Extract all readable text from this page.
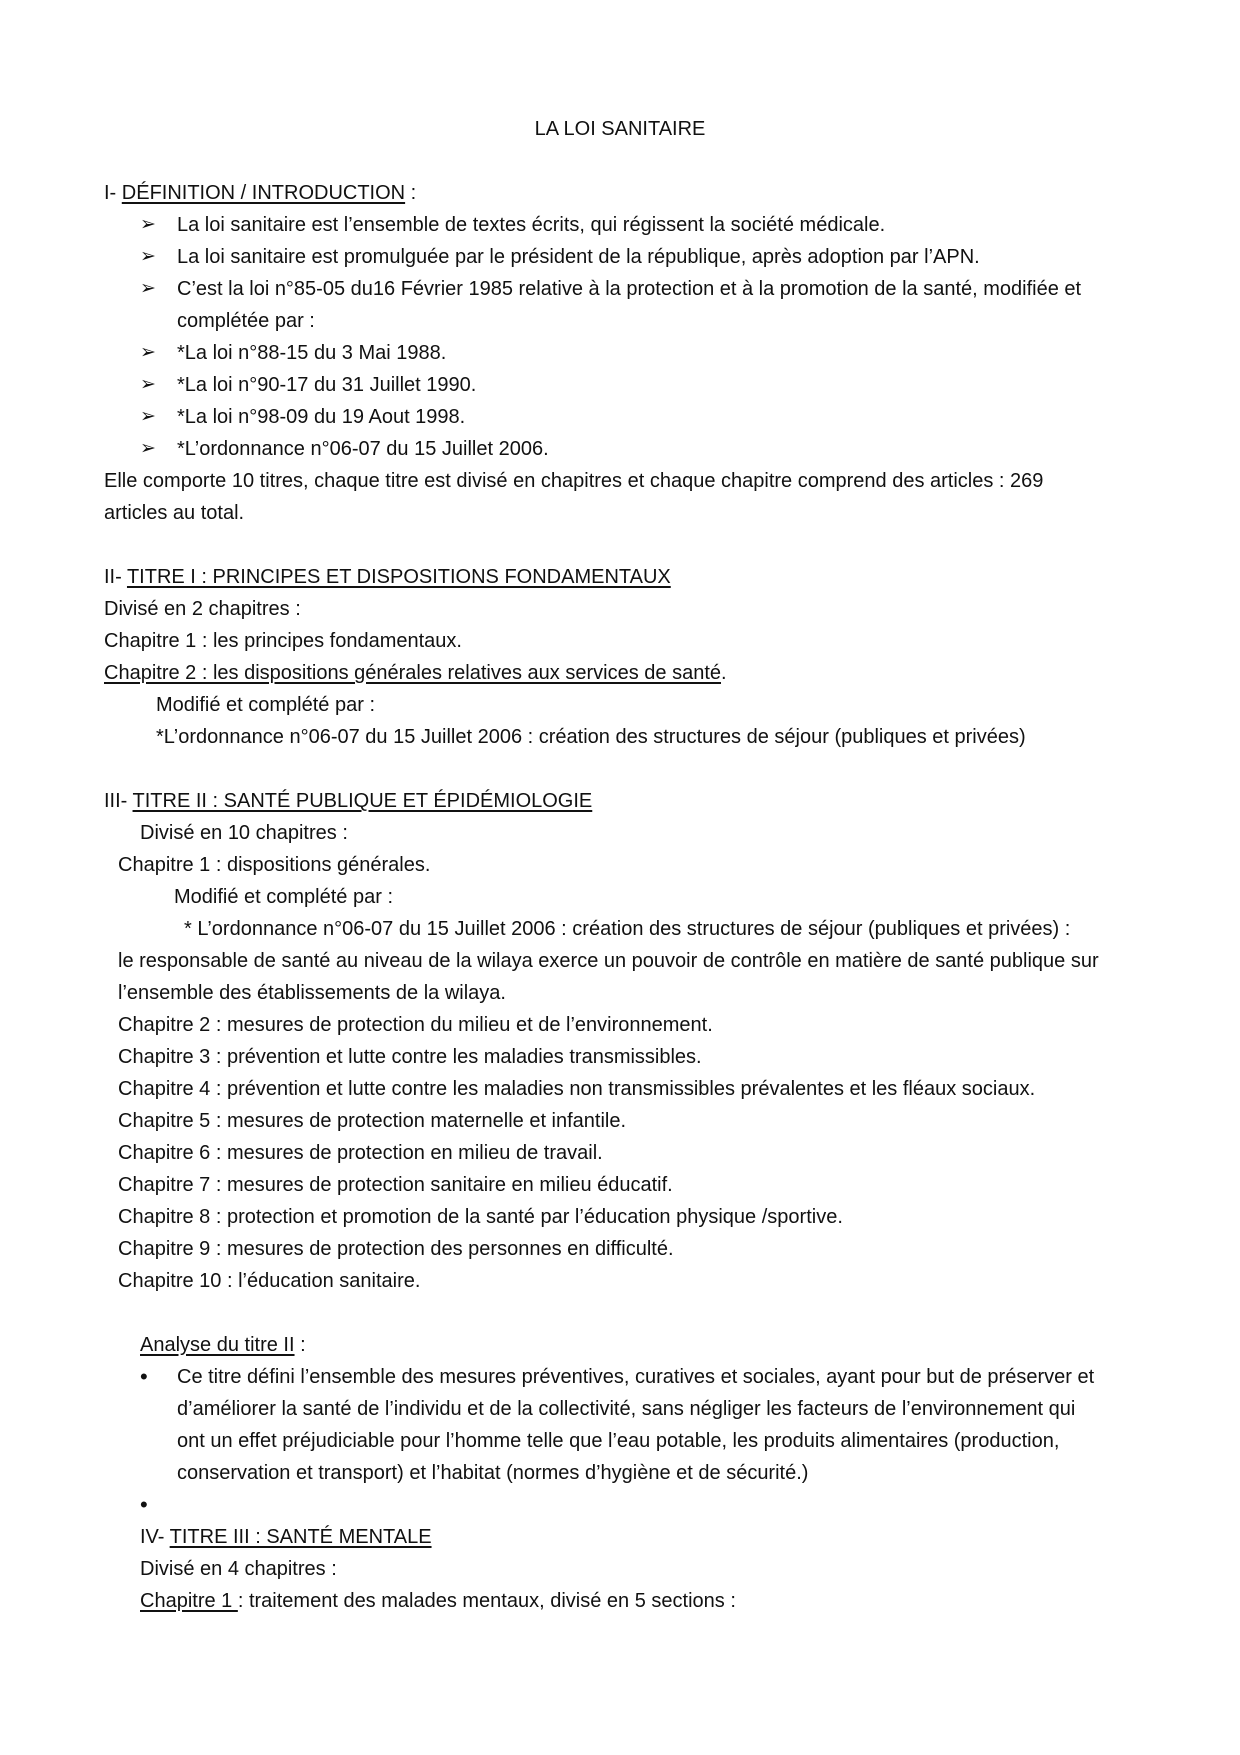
LA LOI SANITAIRE
I- DÉFINITION / INTRODUCTION :
➢	La loi sanitaire est l’ensemble de textes écrits, qui régissent la société médicale.
➢	La loi sanitaire est promulguée par le président de la république, après adoption par l’APN.
➢	C’est la loi n°85-05 du16 Février 1985 relative à la protection et à la promotion de la santé, modifiée et
complétée par :
➢	*La loi n°88-15 du 3 Mai 1988.
➢	*La loi n°90-17 du 31 Juillet 1990.
➢	*La loi n°98-09 du 19 Aout 1998.
➢	*L’ordonnance n°06-07 du 15 Juillet 2006.
Elle comporte 10 titres, chaque titre est divisé en chapitres et chaque chapitre comprend des articles : 269
articles au total.
II- TITRE I : PRINCIPES ET DISPOSITIONS FONDAMENTAUX
Divisé en 2 chapitres :
Chapitre 1 : les principes fondamentaux.
Chapitre 2 : les dispositions générales relatives aux services de santé.
Modifié et complété par :
*L’ordonnance n°06-07 du 15 Juillet 2006 : création des structures de séjour (publiques et privées)
III- TITRE II : SANTÉ PUBLIQUE ET ÉPIDÉMIOLOGIE
Divisé en 10 chapitres :
Chapitre 1 : dispositions générales.
Modifié et complété par :
* L’ordonnance n°06-07 du 15 Juillet 2006 : création des structures de séjour (publiques et privées) :
le responsable de santé au niveau de la wilaya exerce un pouvoir de contrôle en matière de santé publique sur
l’ensemble des établissements de la wilaya.
Chapitre 2 : mesures de protection du milieu et de l’environnement.
Chapitre 3 : prévention et lutte contre les maladies transmissibles.
Chapitre 4 : prévention et lutte contre les maladies non transmissibles prévalentes et les fléaux sociaux.
Chapitre 5 : mesures de protection maternelle et infantile.
Chapitre 6 : mesures de protection en milieu de travail.
Chapitre 7 : mesures de protection sanitaire en milieu éducatif.
Chapitre 8 : protection et promotion de la santé par l’éducation physique /sportive.
Chapitre 9 : mesures de protection des personnes en difficulté.
Chapitre 10 : l’éducation sanitaire.
Analyse du titre II :
• Ce titre défini l’ensemble des mesures préventives, curatives et sociales, ayant pour but de préserver et
d’améliorer la santé de l’individu et de la collectivité, sans négliger les facteurs de l’environnement qui
ont un effet préjudiciable pour l’homme telle que l’eau potable, les produits alimentaires (production,
conservation et transport) et l’habitat (normes d’hygiène et de sécurité.)
•
IV- TITRE III : SANTÉ MENTALE
Divisé en 4 chapitres :
Chapitre 1 : traitement des malades mentaux, divisé en 5 sections :
